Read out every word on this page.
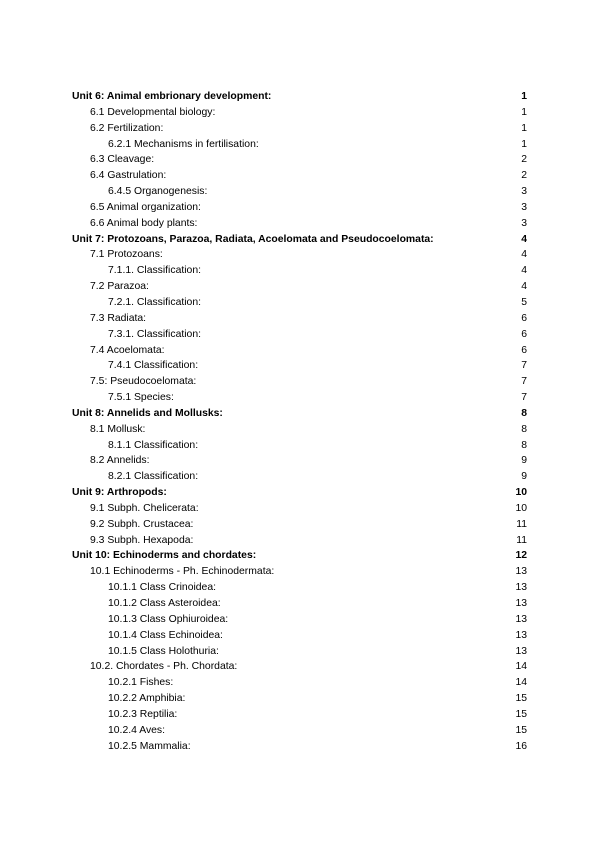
Unit 6: Animal embrionary development:	1
6.1 Developmental biology:	1
6.2 Fertilization:	1
6.2.1 Mechanisms in fertilisation:	1
6.3 Cleavage:	2
6.4 Gastrulation:	2
6.4.5 Organogenesis:	3
6.5 Animal organization:	3
6.6 Animal body plants:	3
Unit 7: Protozoans, Parazoa, Radiata, Acoelomata and Pseudocoelomata:	4
7.1 Protozoans:	4
7.1.1. Classification:	4
7.2 Parazoa:	4
7.2.1. Classification:	5
7.3 Radiata:	6
7.3.1. Classification:	6
7.4 Acoelomata:	6
7.4.1 Classification:	7
7.5: Pseudocoelomata:	7
7.5.1 Species:	7
Unit 8: Annelids and Mollusks:	8
8.1 Mollusk:	8
8.1.1 Classification:	8
8.2 Annelids:	9
8.2.1 Classification:	9
Unit 9: Arthropods:	10
9.1 Subph. Chelicerata:	10
9.2 Subph. Crustacea:	11
9.3 Subph. Hexapoda:	11
Unit 10: Echinoderms and chordates:	12
10.1 Echinoderms - Ph. Echinodermata:	13
10.1.1 Class Crinoidea:	13
10.1.2 Class Asteroidea:	13
10.1.3 Class Ophiuroidea:	13
10.1.4 Class Echinoidea:	13
10.1.5 Class Holothuria:	13
10.2. Chordates - Ph. Chordata:	14
10.2.1 Fishes:	14
10.2.2 Amphibia:	15
10.2.3 Reptilia:	15
10.2.4 Aves:	15
10.2.5 Mammalia:	16
